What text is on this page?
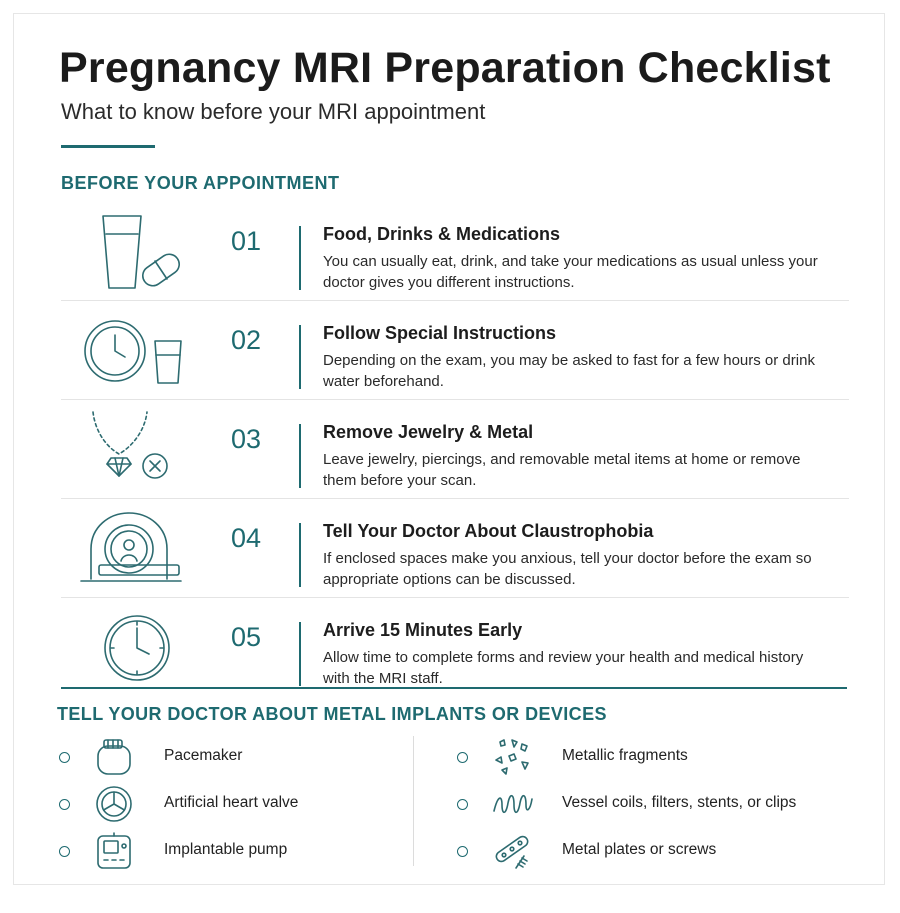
Pregnancy MRI Preparation Checklist
What to know before your MRI appointment
BEFORE YOUR APPOINTMENT
01	Food, Drinks & Medications
You can usually eat, drink, and take your medications as usual unless your doctor gives you different instructions.
02	Follow Special Instructions
Depending on the exam, you may be asked to fast for a few hours or drink water beforehand.
03	Remove Jewelry & Metal
Leave jewelry, piercings, and removable metal items at home or remove them before your scan.
04	Tell Your Doctor About Claustrophobia
If enclosed spaces make you anxious, tell your doctor before the exam so appropriate options can be discussed.
05	Arrive 15 Minutes Early
Allow time to complete forms and review your health and medical history with the MRI staff.
TELL YOUR DOCTOR ABOUT METAL IMPLANTS OR DEVICES
Pacemaker
Artificial heart valve
Implantable pump
Metallic fragments
Vessel coils, filters, stents, or clips
Metal plates or screws
